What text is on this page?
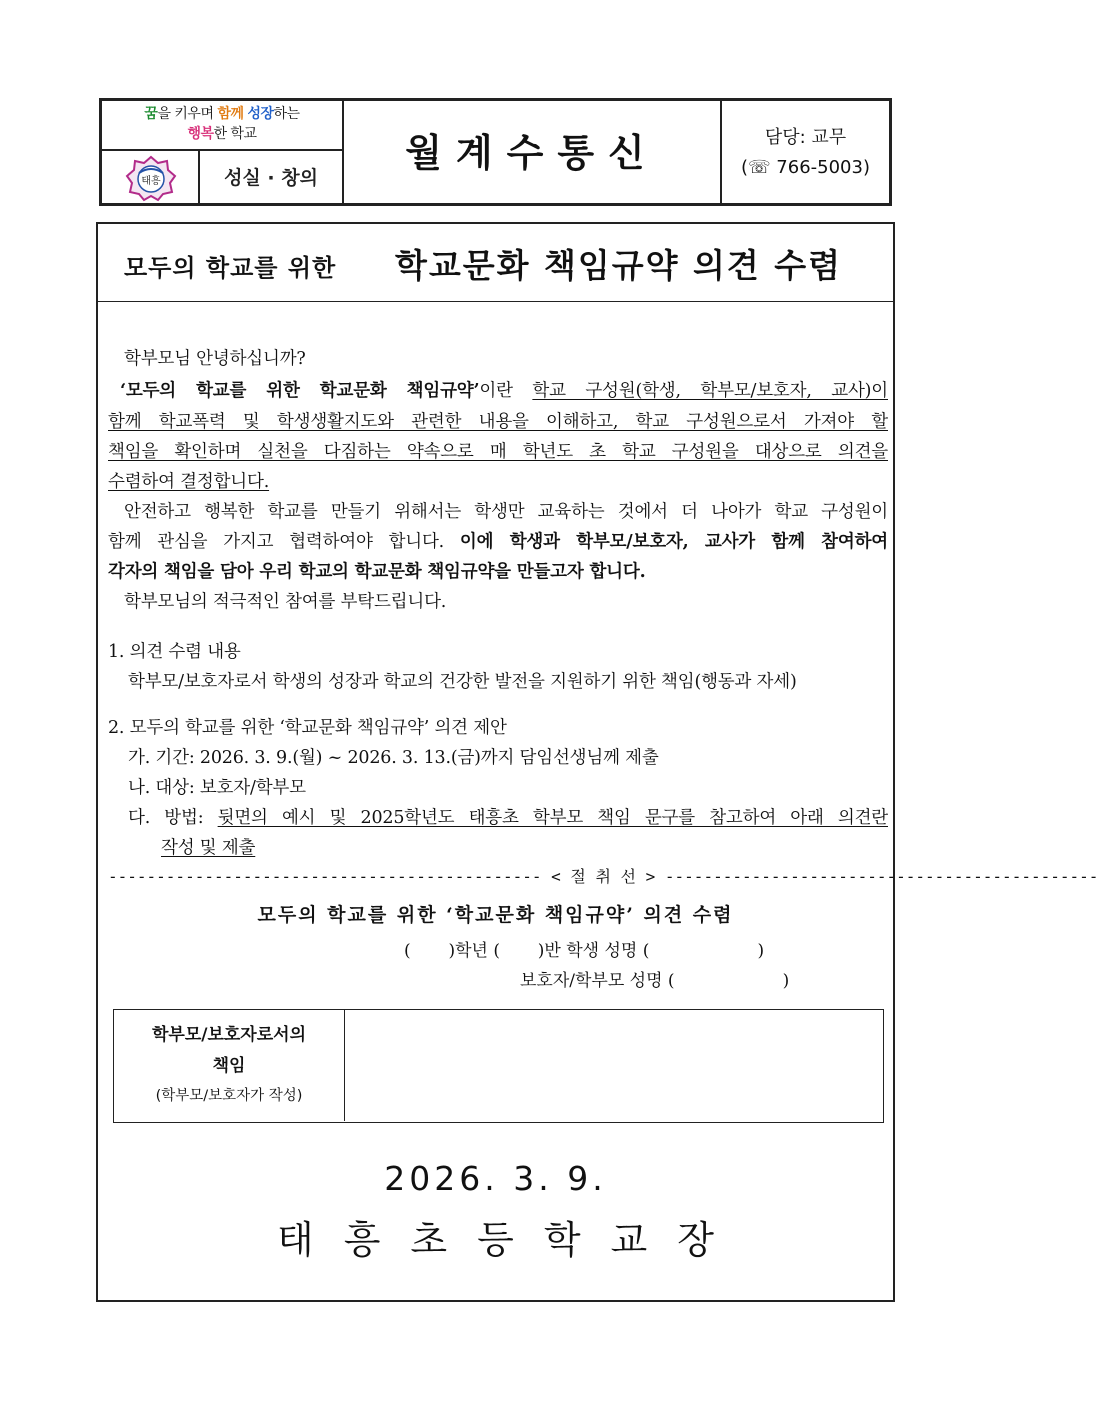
꿈을 키우며 함께 성장하는
행복한 학교
태흥	성실 · 창의
월계수통신	담당: 교무
(☏ 766-5003)
모두의 학교를 위한 학교문화 책임규약 의견 수렴
학부모님 안녕하십니까?
‘모두의 학교를 위한 학교문화 책임규약’이란 학교 구성원(학생, 학부모/보호자, 교사)이
함께 학교폭력 및 학생생활지도와 관련한 내용을 이해하고, 학교 구성원으로서 가져야 할
책임을 확인하며 실천을 다짐하는 약속으로 매 학년도 초 학교 구성원을 대상으로 의견을
수렴하여 결정합니다.
안전하고 행복한 학교를 만들기 위해서는 학생만 교육하는 것에서 더 나아가 학교 구성원이
함께 관심을 가지고 협력하여야 합니다. 이에 학생과 학부모/보호자, 교사가 함께 참여하여
각자의 책임을 담아 우리 학교의 학교문화 책임규약을 만들고자 합니다.
학부모님의 적극적인 참여를 부탁드립니다.
1. 의견 수렴 내용
학부모/보호자로서 학생의 성장과 학교의 건강한 발전을 지원하기 위한 책임(행동과 자세)
2. 모두의 학교를 위한 ‘학교문화 책임규약’ 의견 제안
가. 기간: 2026. 3. 9.(월) ~ 2026. 3. 13.(금)까지 담임선생님께 제출
나. 대상: 보호자/학부모
다. 방법: 뒷면의 예시 및 2025학년도 태흥초 학부모 책임 문구를 참고하여 아래 의견란
작성 및 제출
--------------------------------------------- < 절 취 선 > ---------------------------------------------
모두의 학교를 위한 ‘학교문화 책임규약’ 의견 수렴
(       )학년 (       )반 학생 성명 (                    )
보호자/학부모 성명 (                    )
학부모/보호자로서의
책임
(학부모/보호자가 작성)
2026. 3. 9.
태흥초등학교장
